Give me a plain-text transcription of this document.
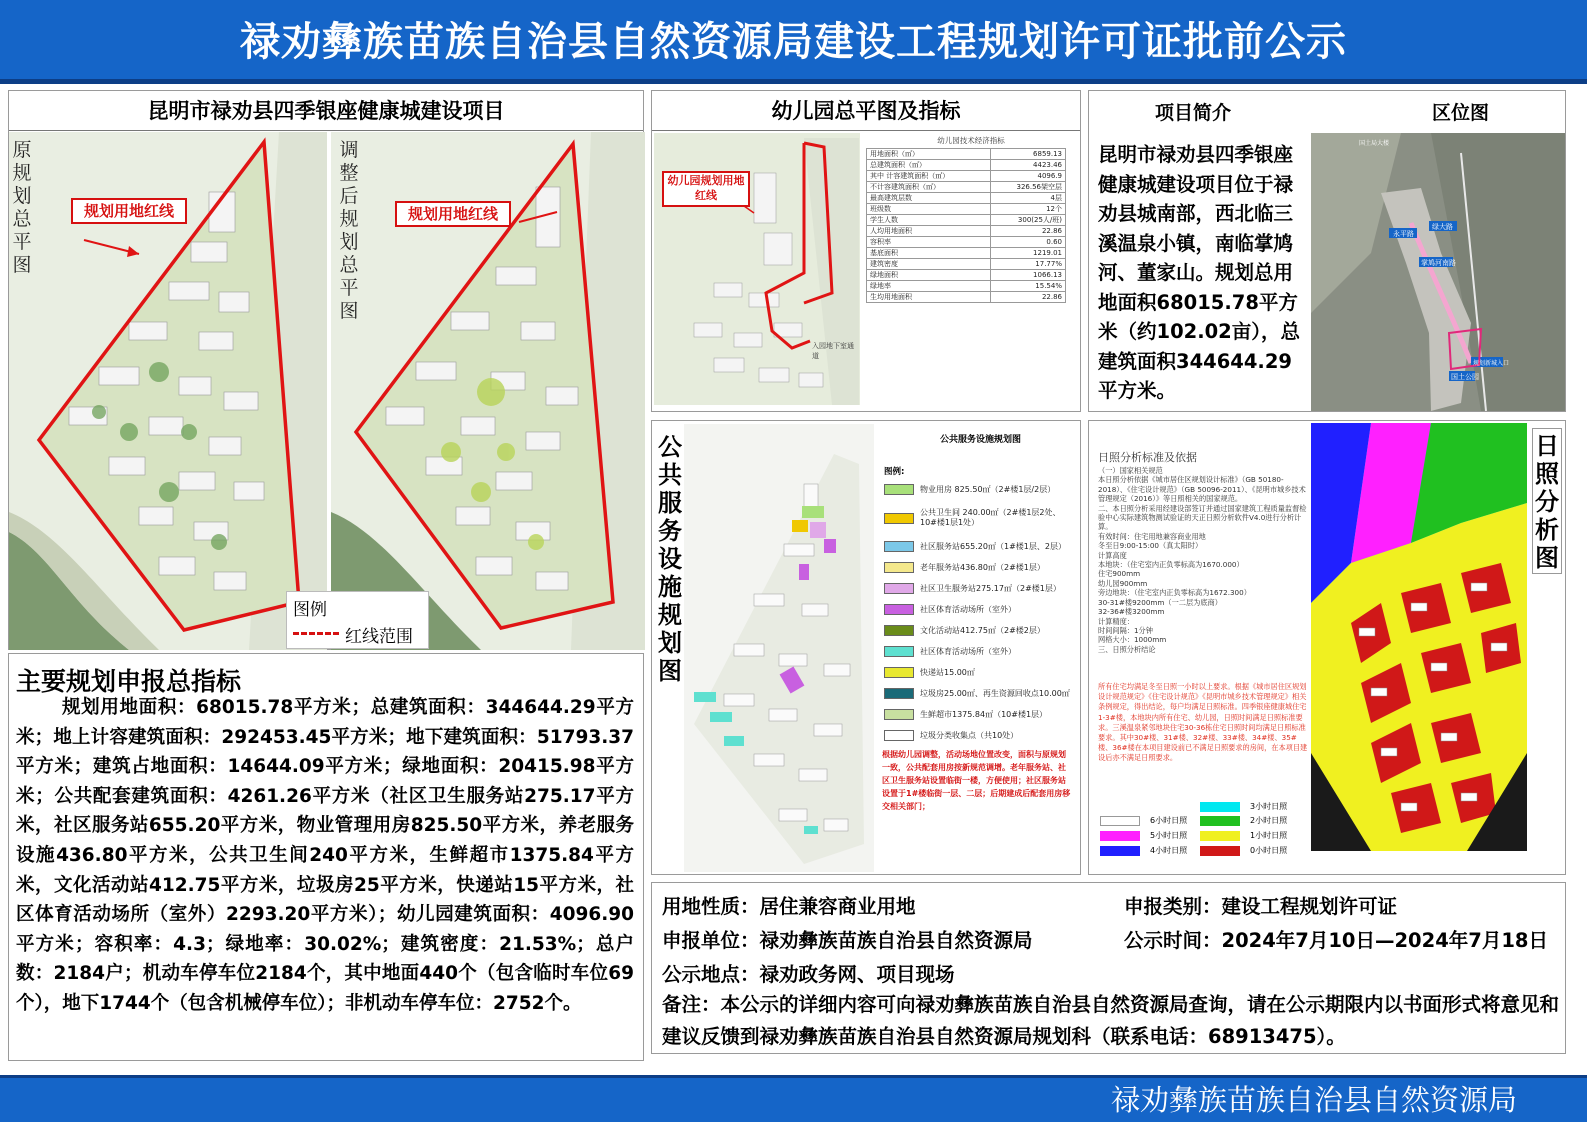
禄劝彝族苗族自治县自然资源局建设工程规划许可证批前公示
昆明市禄劝县四季银座健康城建设项目
原规划总平图
规划用地红线
调整后规划总平图
规划用地红线
图例
红线范围
主要规划申报总指标
规划用地面积：68015.78平方米；总建筑面积：344644.29平方米；地上计容建筑面积：292453.45平方米；地下建筑面积：51793.37平方米；建筑占地面积：14644.09平方米；绿地面积：20415.98平方米；公共配套建筑面积：4261.26平方米（社区卫生服务站275.17平方米，社区服务站655.20平方米，物业管理用房825.50平方米，养老服务设施436.80平方米，公共卫生间240平方米，生鲜超市1375.84平方米，文化活动站412.75平方米，垃圾房25平方米，快递站15平方米，社区体育活动场所（室外）2293.20平方米）；幼儿园建筑面积：4096.90平方米；容积率：4.3；绿地率：30.02%；建筑密度：21.53%；总户数：2184户；机动车停车位2184个，其中地面440个（包含临时车位69个），地下1744个（包含机械停车位）；非机动车停车位：2752个。
幼儿园总平图及指标
幼儿园规划用地红线
入园地下室通道
幼儿园技术经济指标
用地面积（㎡）	6859.13
总建筑面积（㎡）	4423.46
其中 计容建筑面积（㎡）	4096.9
不计容建筑面积（㎡）	326.56架空层
最高建筑层数	4层
班级数	12个
学生人数	300(25人/班)
人均用地面积	22.86
容积率	0.60
基底面积	1219.01
建筑密度	17.77%
绿地面积	1066.13
绿地率	15.54%
生均用地面积	22.86
项目简介	区位图
昆明市禄劝县四季银座健康城建设项目位于禄劝县城南部，西北临三溪温泉小镇，南临掌鸠河、董家山。规划总用地面积68015.78平方米（约102.02亩），总建筑面积344644.29平方米。
永平路
绿大路
掌鸠河南路
国土公园
规划新城入口
国土局大楼
公共服务设施规划图
公共服务设施规划图
图例:
物业用房 825.50㎡（2#楼1层/2层）
公共卫生间 240.00㎡（2#楼1层2处、10#楼1层1处）
社区服务站655.20㎡（1#楼1层、2层）
老年服务站436.80㎡（2#楼1层）
社区卫生服务站275.17㎡（2#楼1层）
社区体育活动场所（室外）
文化活动站412.75㎡（2#楼2层）
社区体育活动场所（室外）
快递站15.00㎡
垃圾房25.00㎡、再生资源回收点10.00㎡
生鲜超市1375.84㎡（10#楼1层）
垃圾分类收集点（共10处）
根据幼儿园调整，活动场地位置改变，面积与原规划一致，公共配套用房按新规范调增。老年服务站、社区卫生服务站设置临街一楼，方便使用；社区服务站设置于1#楼临街一层、二层；后期建成后配套用房移交相关部门；
日照分析标准及依据
（一）国家相关规范
本日照分析依据《城市居住区规划设计标准》（GB 50180-2018）、《住宅设计规范》（GB 50096-2011）、《昆明市城乡技术管理规定（2016）》等日照相关的国家规范。
二、本日照分析采用经建设部签订并通过国家建筑工程质量监督检验中心实际建筑物测试验证的天正日照分析软件V4.0进行分析计算。
有效时间：住宅用地兼容商业用地
冬至日9:00-15:00（真太阳时）
计算高度
本地块：（住宅室内正负零标高为1670.000）
住宅900mm
幼儿园900mm
旁边地块：（住宅室内正负零标高为1672.300）
30-31#楼9200mm（一二层为底商）
32-36#楼3200mm
计算精度：
时间间隔：1分钟
网格大小：1000mm
三、日照分析结论
所有住宅均满足冬至日照一小时以上要求。根据《城市居住区规划设计规范规定》《住宅设计规范》《昆明市城乡技术管理规定》相关条例规定，得出结论，每户均满足日照标准。四季银座健康城住宅1-3#楼，本地块内所有住宅、幼儿园，日照时间满足日照标准要求。三溪温泉紧邻地块住宅30-36栋住宅日照时间均满足日照标准要求。其中30#楼、31#楼、32#楼、33#楼、34#楼、35#楼、36#楼在本项目建设前已不满足日照要求的房间，在本项目建设后亦不满足日照要求。
日照分析图
3小时日照
6小时日照	2小时日照
5小时日照	1小时日照
4小时日照	0小时日照
用地性质：居住兼容商业用地	申报类别：建设工程规划许可证
申报单位：禄劝彝族苗族自治县自然资源局	公示时间：2024年7月10日—2024年7月18日
公示地点：禄劝政务网、项目现场
备注：本公示的详细内容可向禄劝彝族苗族自治县自然资源局查询，请在公示期限内以书面形式将意见和建议反馈到禄劝彝族苗族自治县自然资源局规划科（联系电话：68913475）。
禄劝彝族苗族自治县自然资源局
